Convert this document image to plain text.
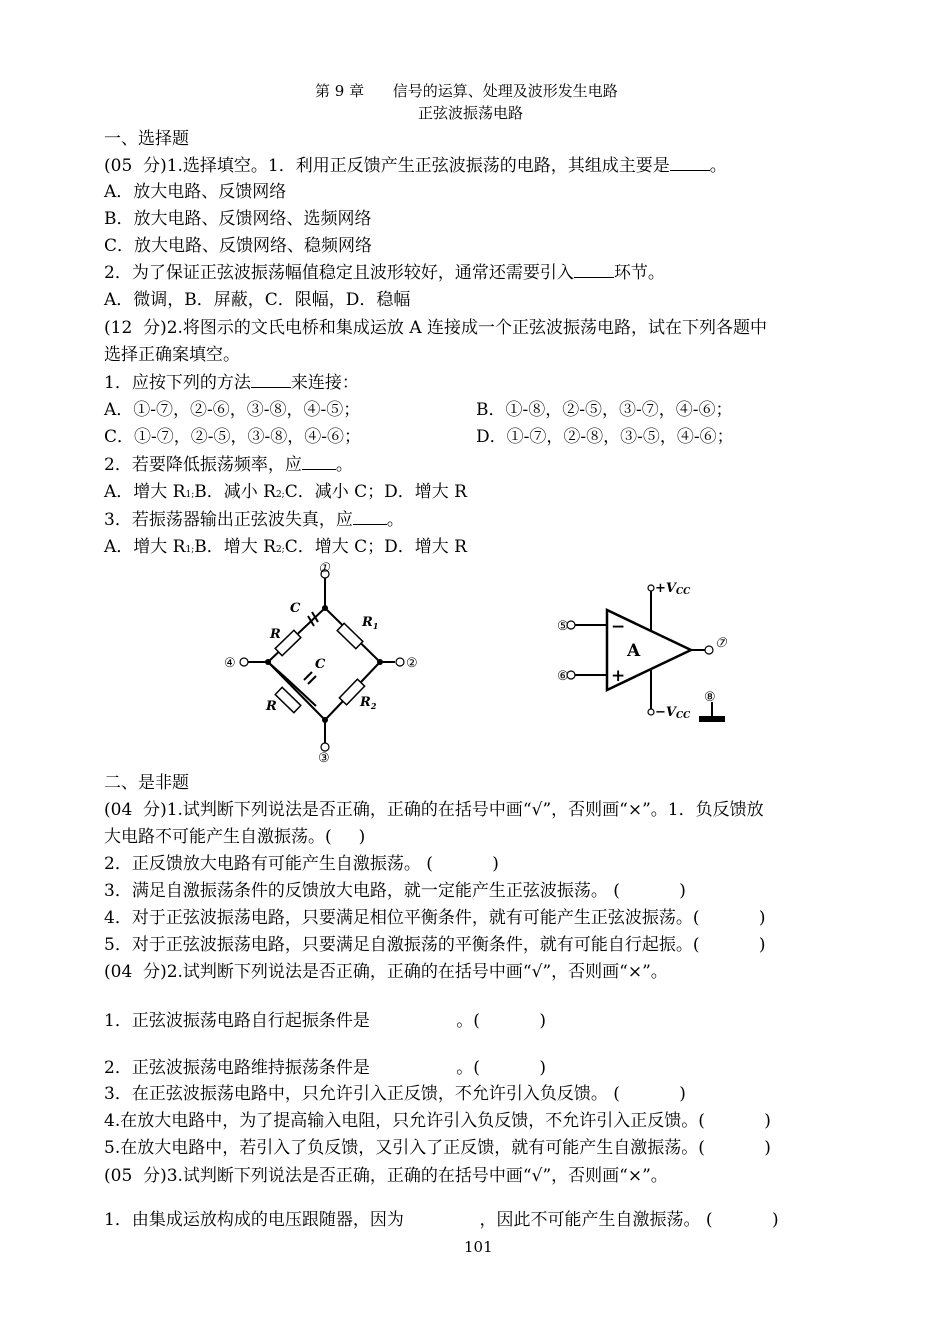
第 9 章      信号的运算、处理及波形发生电路
正弦波振荡电路
一、选择题
(05  分)1.选择填空。1．利用正反馈产生正弦波振荡的电路，其组成主要是 。
A．放大电路、反馈网络
B．放大电路、反馈网络、选频网络
C．放大电路、反馈网络、稳频网络
2．为了保证正弦波振荡幅值稳定且波形较好，通常还需要引入 环节。
A．微调，B．屏蔽，C．限幅，D．稳幅
(12  分)2.将图示的文氏电桥和集成运放 A 连接成一个正弦波振荡电路，试在下列各题中
选择正确案填空。
1．应按下列的方法 来连接：
A．①-⑦，②-⑥，③-⑧，④-⑤；	B．①-⑧，②-⑤，③-⑦，④-⑥；
C．①-⑦，②-⑤，③-⑧，④-⑥；	D．①-⑦，②-⑧，③-⑤，④-⑥；
2．若要降低振荡频率，应 。
A．增大 R1;B．减小 R2;C．减小 C；D．增大 R
3．若振荡器输出正弦波失真，应 。
A．增大 R1;B．增大 R2;C．增大 C；D．增大 R
①
②
③
④
C
$R_1$
R
C
R	$R_2$
⑤
⑥
⑦
⑧
A
−
+
+VCC
−VCC
二、是非题
(04  分)1.试判断下列说法是否正确，正确的在括号中画“√”，否则画“×”。1．负反馈放
大电路不可能产生自激振荡。(     )
2．正反馈放大电路有可能产生自激振荡。 (           )
3．满足自激振荡条件的反馈放大电路，就一定能产生正弦波振荡。 (           )
4．对于正弦波振荡电路，只要满足相位平衡条件，就有可能产生正弦波振荡。(           )
5．对于正弦波振荡电路，只要满足自激振荡的平衡条件，就有可能自行起振。(           )
(04  分)2.试判断下列说法是否正确，正确的在括号中画“√”，否则画“×”。
1．正弦波振荡电路自行起振条件是                。(           )
2．正弦波振荡电路维持振荡条件是                。(           )
3．在正弦波振荡电路中，只允许引入正反馈，不允许引入负反馈。 (           )
4.在放大电路中，为了提高输入电阻，只允许引入负反馈，不允许引入正反馈。(           )
5.在放大电路中，若引入了负反馈，又引入了正反馈，就有可能产生自激振荡。(           )
(05  分)3.试判断下列说法是否正确，正确的在括号中画“√”，否则画“×”。
1．由集成运放构成的电压跟随器，因为              ，因此不可能产生自激振荡。 (           )
101
